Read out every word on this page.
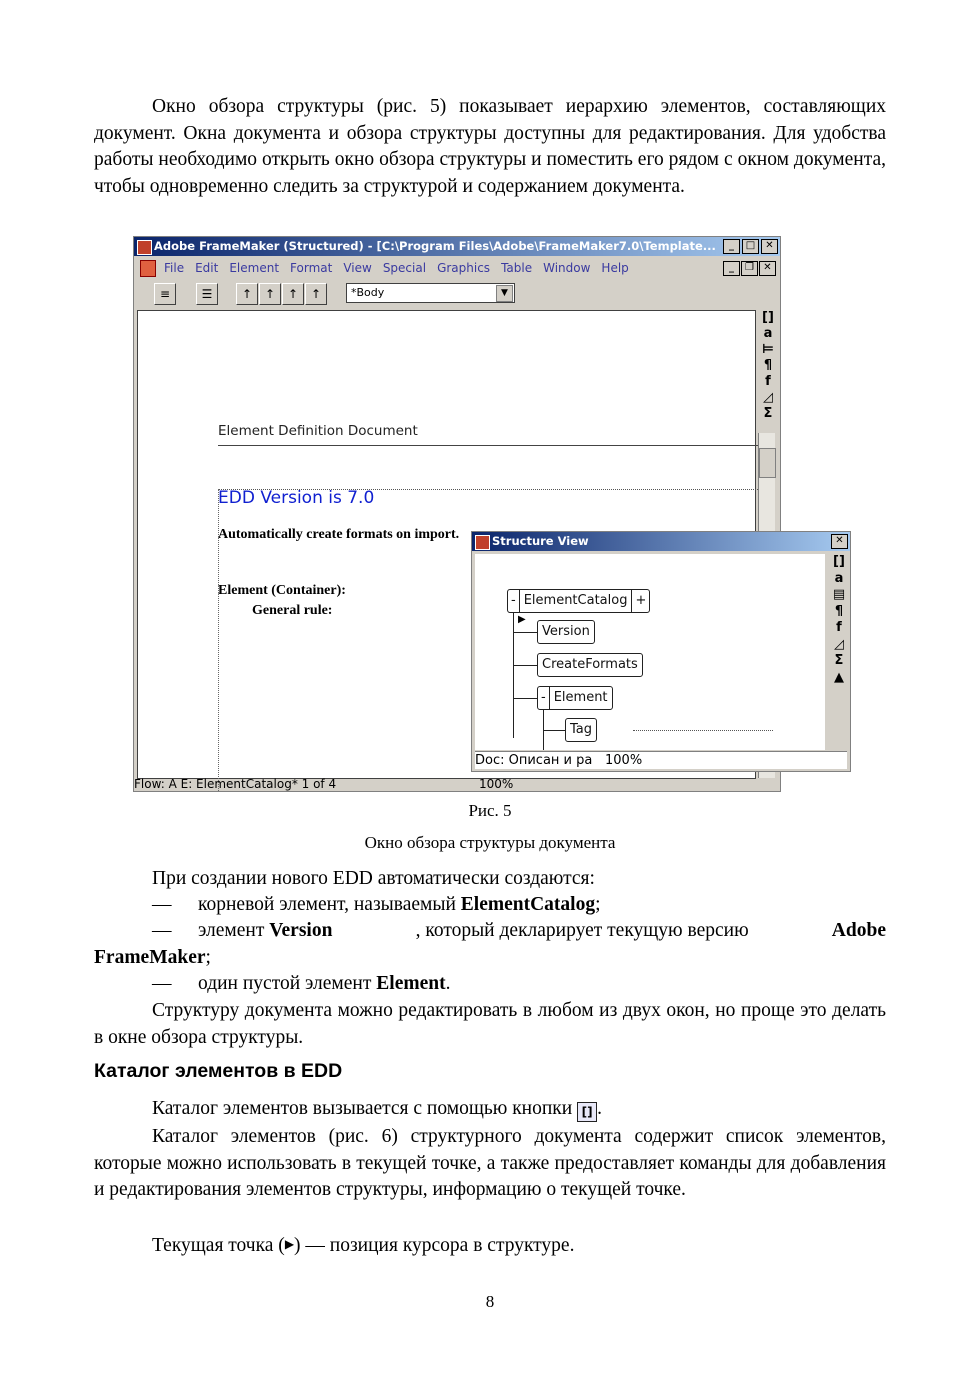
Окно обзора структуры (рис. 5) показывает иерархию элементов, составляющих документ. Окна документа и обзора структуры доступны для редактирования. Для удобства работы необходимо открыть окно обзора структуры и поместить его рядом с окном документа, чтобы одновременно следить за структурой и содержанием документа.
Adobe FrameMaker (Structured) - [C:\Program Files\Adobe\FrameMaker7.0\Template...	_	□	✕
File Edit Element Format View Special Graphics Table Window Help	_	❐ ✕
≡	☰	↑	↑	↑	↑	*Body	▼
Element Definition Document
EDD Version is 7.0
Automatically create formats on import.
Element (Container):
General rule:
[]
a
⊨
¶
f
◿
Σ
Flow: A E: ElementCatalog* 1 of 4	100%
Structure View	✕
- ElementCatalog +
▶
Version
CreateFormats
- Element
Tag
[]
a
▤
¶
f
◿
Σ
▲
Doc: Описан и ра 100%
Рис. 5
Окно обзора структуры документа
При создании нового EDD автоматически создаются:
— корневой элемент, называемый ElementCatalog;
— элемент Version	, который декларирует текущую версию	Adobe
FrameMaker;
— один пустой элемент Element.
Структуру документа можно редактировать в любом из двух окон, но проще это делать в окне обзора структуры.
Каталог элементов в EDD
Каталог элементов вызывается с помощью кнопки [] .
Каталог элементов (рис. 6) структурного документа содержит список элементов, которые можно использовать в текущей точке, а также предоставляет команды для добавления и редактирования элементов структуры, информацию о текущей точке.
Текущая точка (▶) — позиция курсора в структуре.
8
